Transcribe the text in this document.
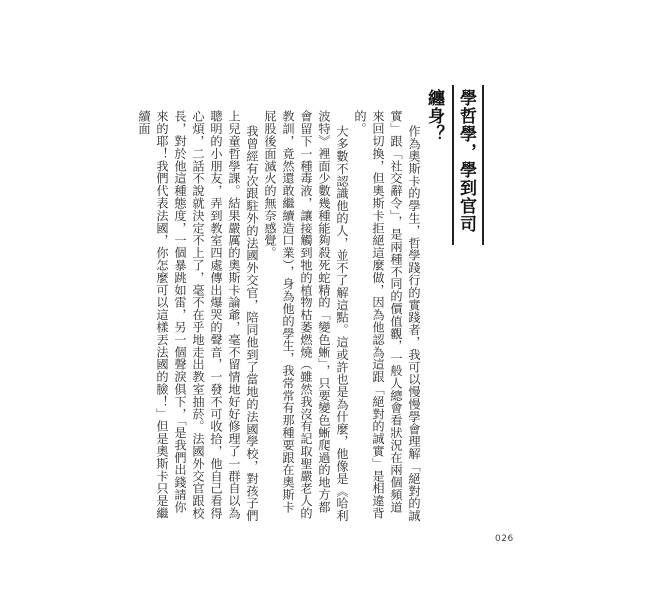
學哲學，學到官司纏身？

作為奧斯卡的學生，哲學踐行的實踐者，我可以慢慢學會理解「絕對的誠實」跟「社交辭令」，是兩種不同的價值觀，一般人總會看狀況在兩個頻道來回切換，但奧斯卡拒絕這麼做，因為他認為這跟「絕對的誠實」是相違背的。

大多數不認識他的人，並不了解這點。這或許也是為什麼，他像是《哈利波特》裡面少數幾種能夠殺死蛇精的「變色蜥」，只要變色蜥爬過的地方都會留下一種毒液，讓接觸到牠的植物枯萎燃燒（雖然我沒有記取聖嚴老人的教訓，竟然還敢繼續造口業），身為他的學生，我常常有那種要跟在奧斯卡屁股後面滅火的無奈感覺。

我曾經有次跟駐外的法國外交官，陪同他到了當地的法國學校，對孩子們上兒童哲學課。結果嚴厲的奧斯卡論爺，毫不留情地好好修理了一群自以為聰明的小朋友，弄到教室四處傳出爆哭的聲音，一發不可收拾，他自己看得心煩，二話不說就決定不上了，毫不在乎地走出教室抽菸。法國外交官跟校長，對於他這種態度，一個暴跳如雷，另一個聲淚俱下，「是我們出錢請你來的耶！我們代表法國，你怎麼可以這樣丟法國的臉！」但是奧斯卡只是繼續面

026
